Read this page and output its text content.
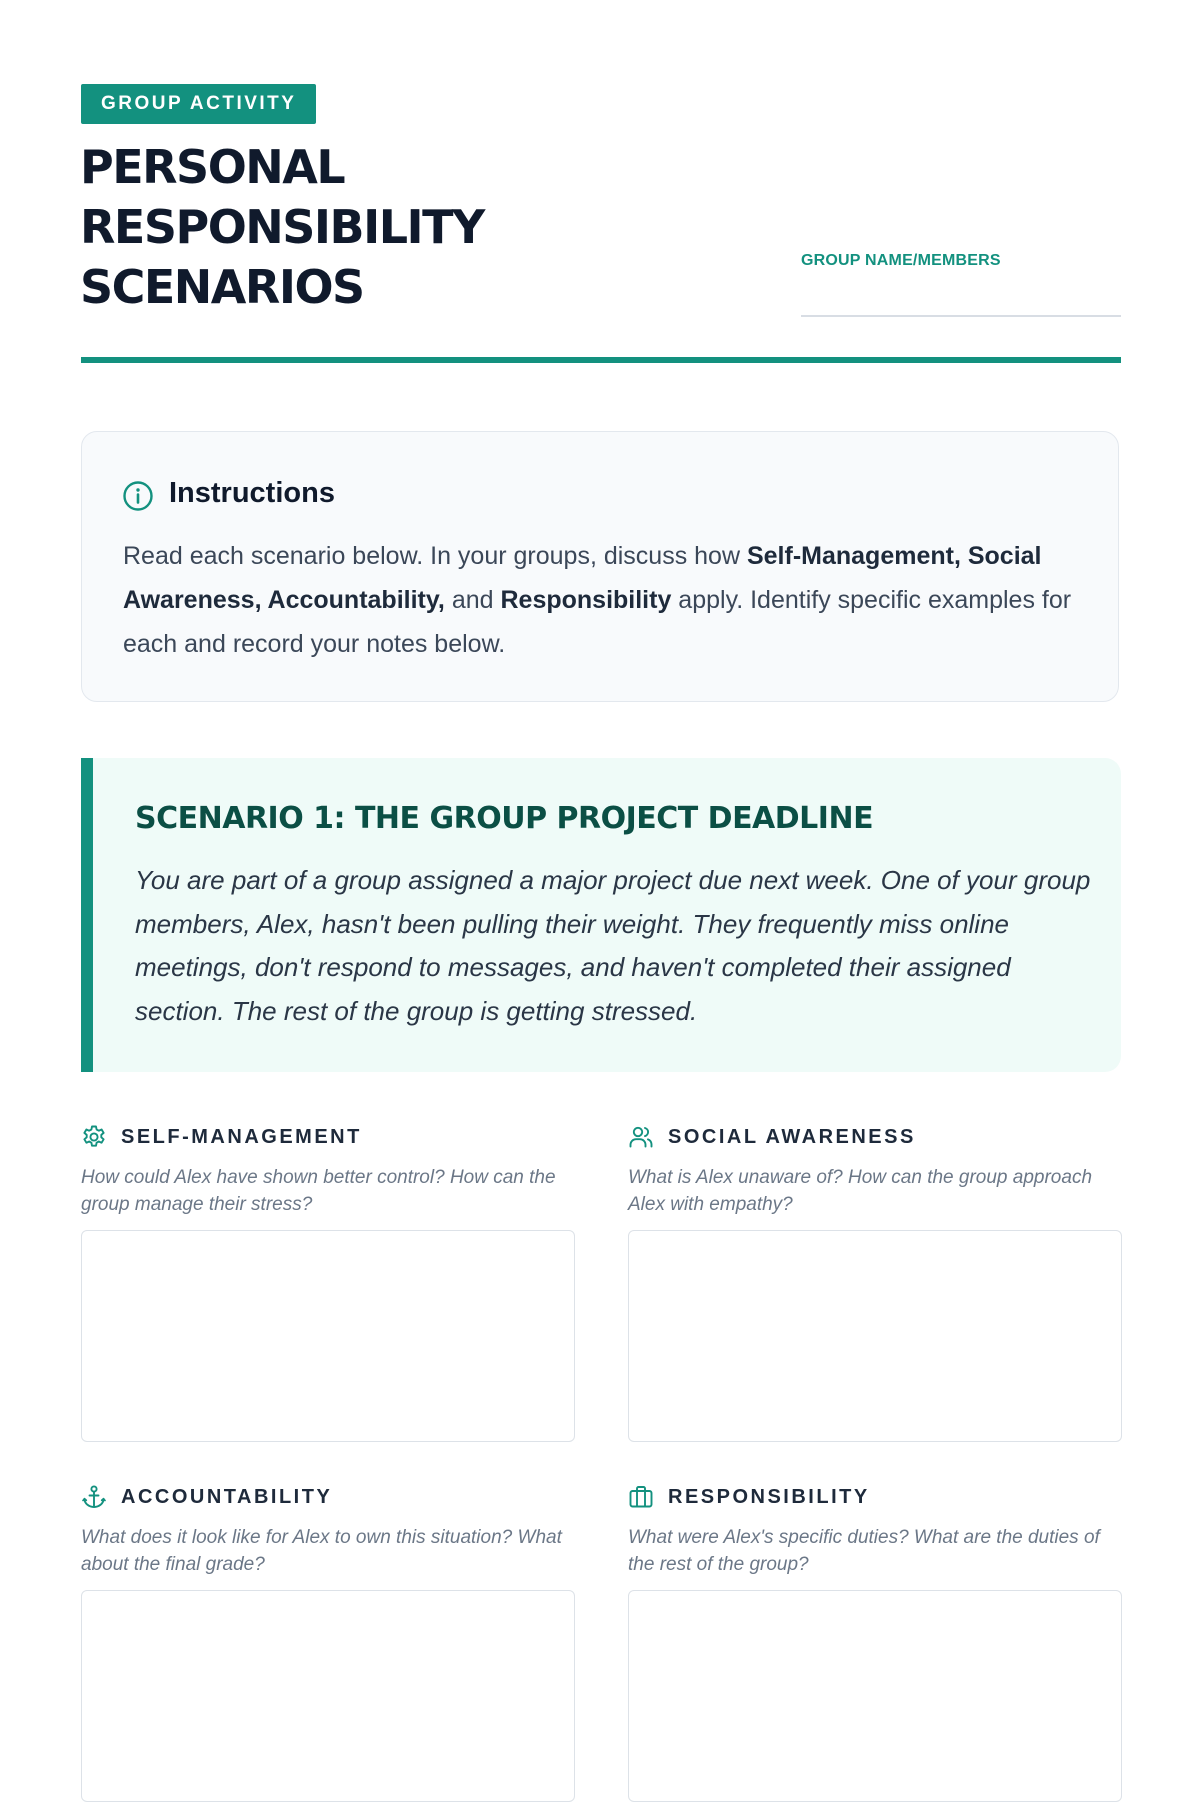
GROUP ACTIVITY
PERSONAL
RESPONSIBILITY
SCENARIOS	GROUP NAME/MEMBERS
Instructions

Read each scenario below. In your groups, discuss how Self-Management, Social Awareness, Accountability, and Responsibility apply. Identify specific examples for each and record your notes below.

SCENARIO 1: THE GROUP PROJECT DEADLINE

You are part of a group assigned a major project due next week. One of your group members, Alex, hasn't been pulling their weight. They frequently miss online meetings, don't respond to messages, and haven't completed their assigned section. The rest of the group is getting stressed.

SELF-MANAGEMENT

How could Alex have shown better control? How can the group manage their stress?

SOCIAL AWARENESS

What is Alex unaware of? How can the group approach Alex with empathy?

ACCOUNTABILITY

What does it look like for Alex to own this situation? What about the final grade?

RESPONSIBILITY

What were Alex's specific duties? What are the duties of the rest of the group?
